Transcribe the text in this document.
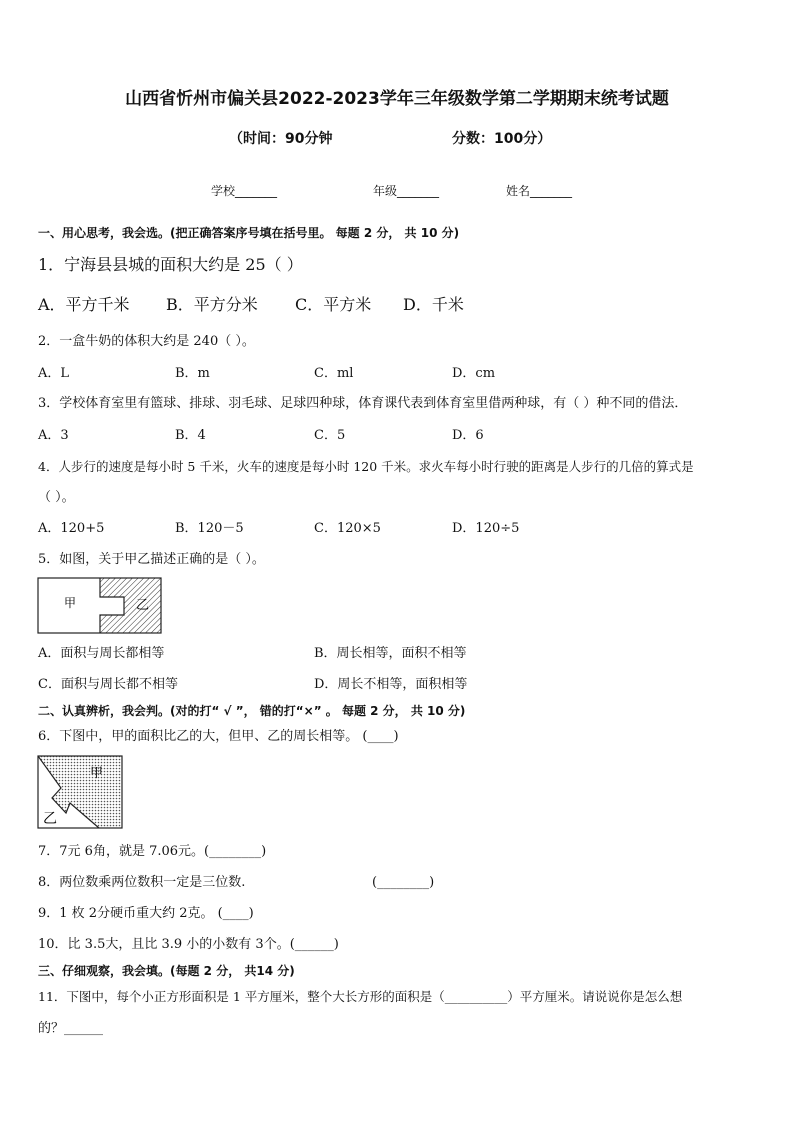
山西省忻州市偏关县2022-2023学年三年级数学第二学期期末统考试题
（时间：90分钟	分数：100分）
学校_______	年级_______	姓名_______
一、用心思考，我会选。(把正确答案序号填在括号里。 每题 2 分， 共 10 分)
1．宁海县县城的面积大约是 25（ ）
A．平方千米 B．平方分米 C．平方米 D．千米
2．一盒牛奶的体积大约是 240（ ）。
A．L	B．m	C．ml	D．cm
3．学校体育室里有篮球、排球、羽毛球、足球四种球，体育课代表到体育室里借两种球，有（ ）种不同的借法．
A．3	B．4	C．5	D．6
4．人步行的速度是每小时 5 千米，火车的速度是每小时 120 千米。求火车每小时行驶的距离是人步行的几倍的算式是
（ ）。
A．120+5	B．120－5	C．120×5	D．120÷5
5．如图，关于甲乙描述正确的是（ ）。
甲	乙
A．面积与周长都相等	B．周长相等，面积不相等
C．面积与周长都不相等	D．周长不相等，面积相等
二、认真辨析，我会判。(对的打“ √ ”， 错的打“×” 。 每题 2 分， 共 10 分)
6．下图中，甲的面积比乙的大，但甲、乙的周长相等。 (____)
甲
乙
7．7元 6角，就是 7.06元。(________)
8．两位数乘两位数积一定是三位数.	(________)
9．1 枚 2分硬币重大约 2克。 (____)
10．比 3.5大，且比 3.9 小的小数有 3个。(______)
三、仔细观察，我会填。(每题 2 分， 共14 分)
11．下图中，每个小正方形面积是 1 平方厘米，整个大长方形的面积是（__________）平方厘米。请说说你是怎么想
的？______
